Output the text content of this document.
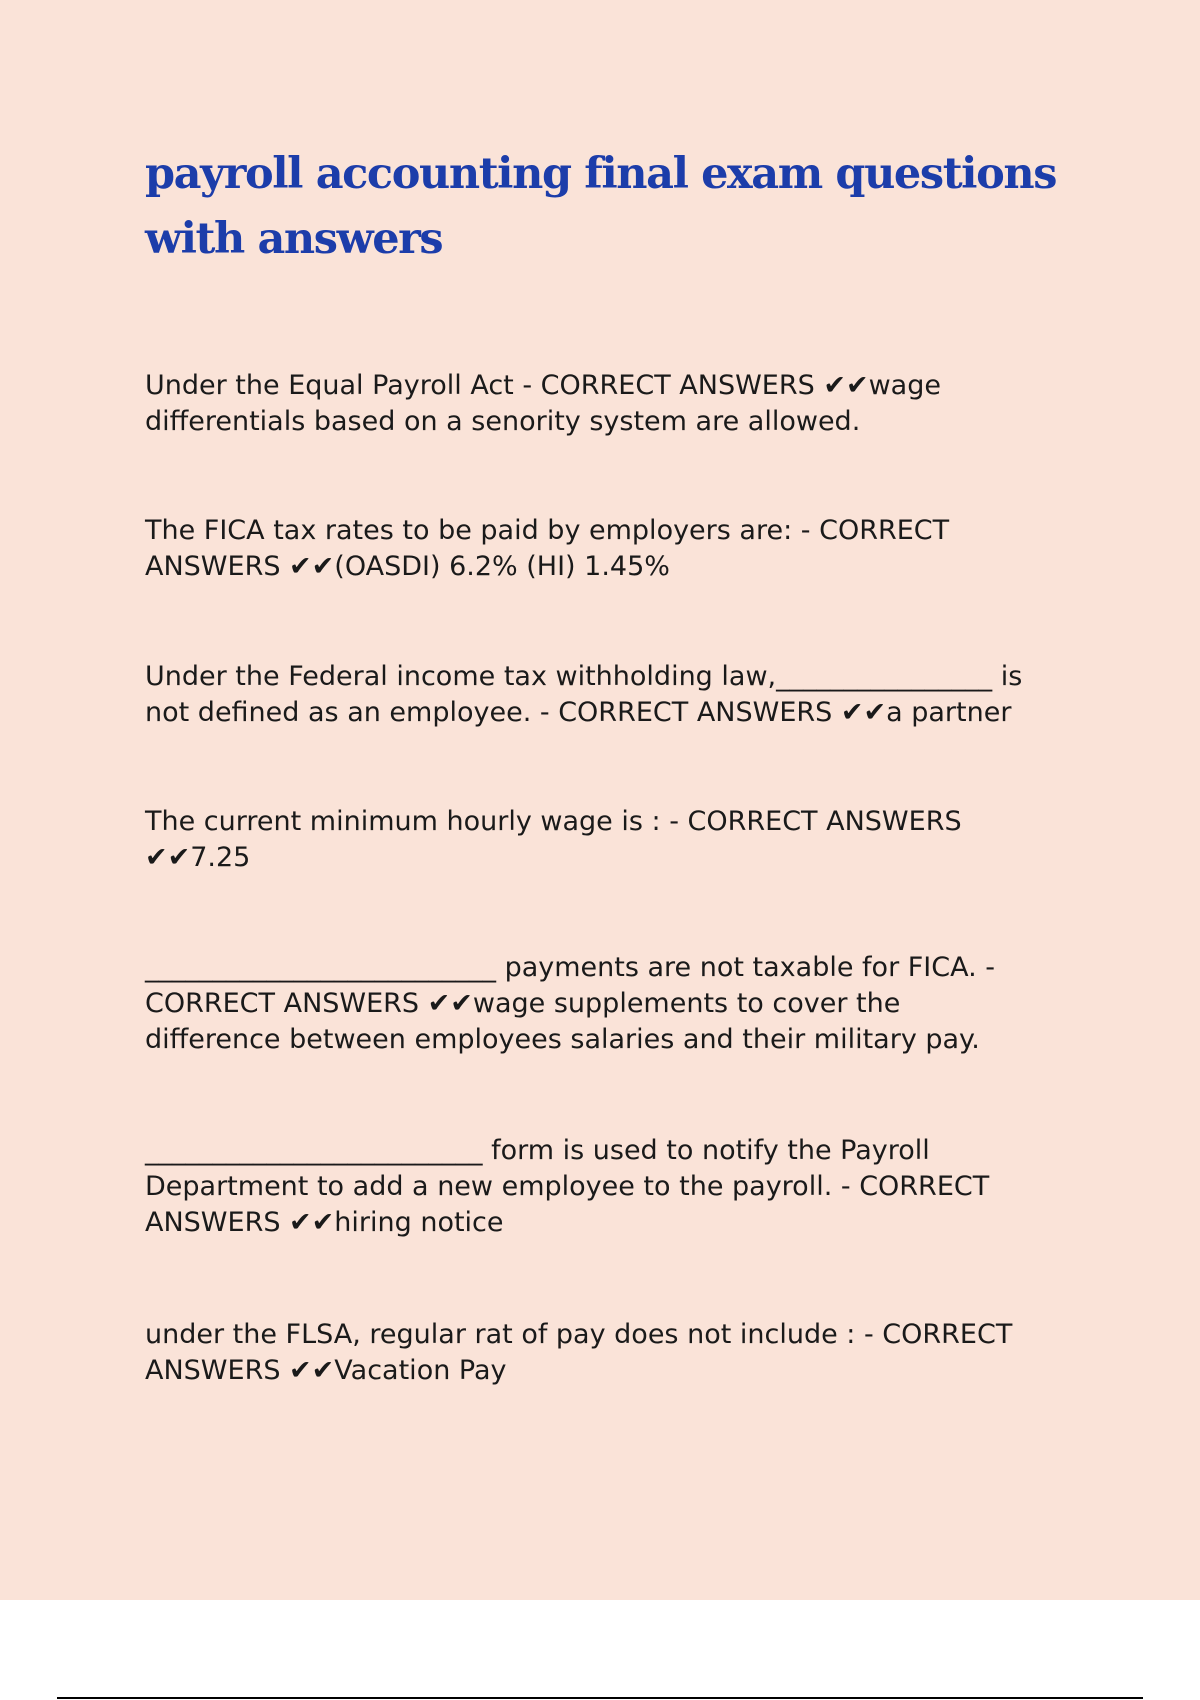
payroll accounting final exam questions with answers

Under the Equal Payroll Act - CORRECT ANSWERS ✔✔wage
differentials based on a senority system are allowed.

The FICA tax rates to be paid by employers are: - CORRECT
ANSWERS ✔✔(OASDI) 6.2% (HI) 1.45%

Under the Federal income tax withholding law,________________ is
not defined as an employee. - CORRECT ANSWERS ✔✔a partner

The current minimum hourly wage is : - CORRECT ANSWERS
✔✔7.25

__________________________ payments are not taxable for FICA. -
CORRECT ANSWERS ✔✔wage supplements to cover the
difference between employees salaries and their military pay.

_________________________ form is used to notify the Payroll
Department to add a new employee to the payroll. - CORRECT
ANSWERS ✔✔hiring notice

under the FLSA, regular rat of pay does not include : - CORRECT
ANSWERS ✔✔Vacation Pay
